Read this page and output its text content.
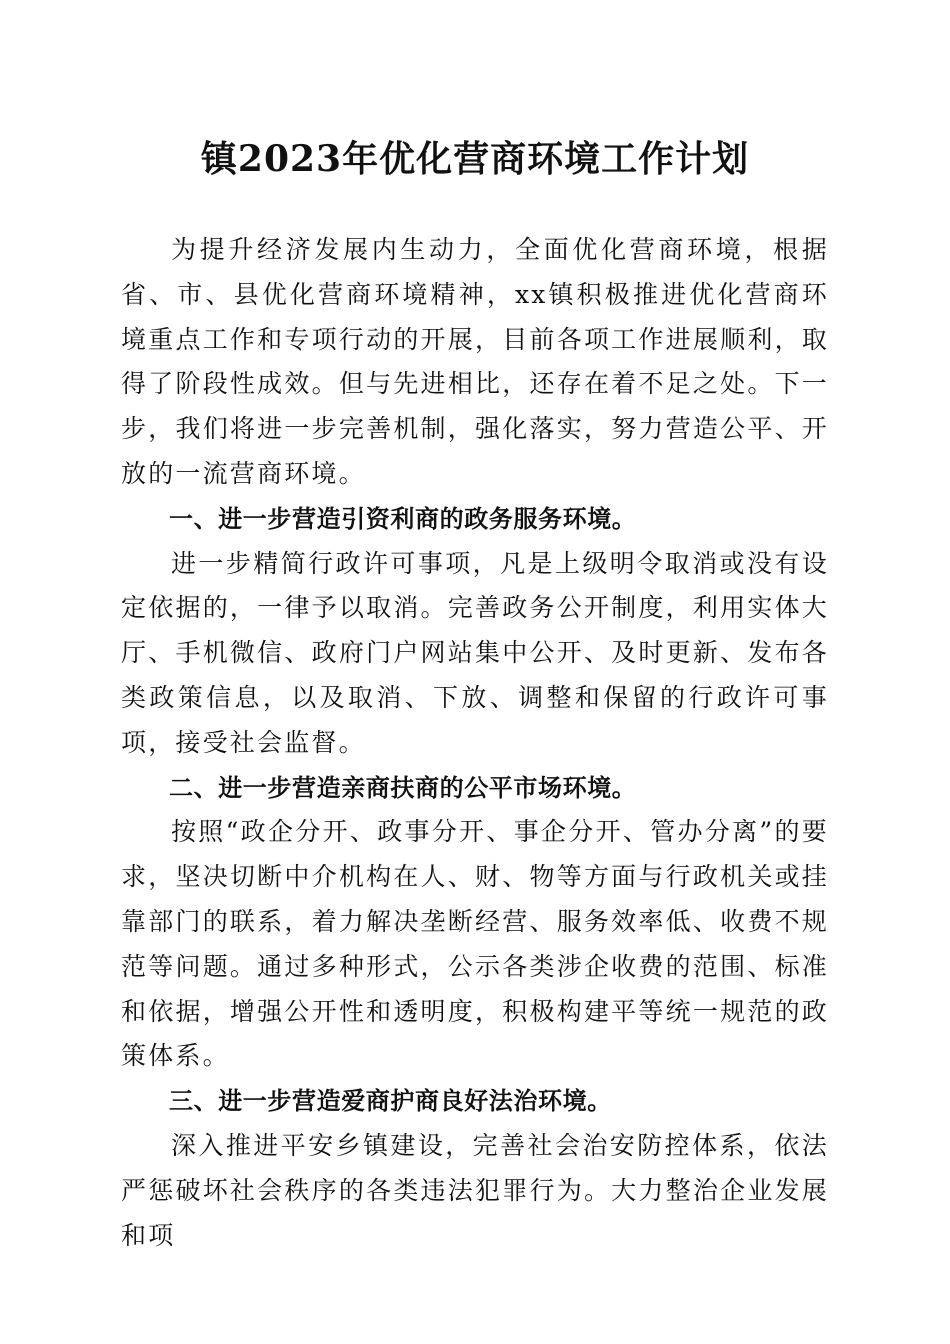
镇2023年优化营商环境工作计划

为提升经济发展内生动力，全面优化营商环境，根据省、市、县优化营商环境精神，xx镇积极推进优化营商环境重点工作和专项行动的开展，目前各项工作进展顺利，取得了阶段性成效。但与先进相比，还存在着不足之处。下一步，我们将进一步完善机制，强化落实，努力营造公平、开放的一流营商环境。

一、进一步营造引资利商的政务服务环境。

进一步精简行政许可事项，凡是上级明令取消或没有设定依据的，一律予以取消。完善政务公开制度，利用实体大厅、手机微信、政府门户网站集中公开、及时更新、发布各类政策信息，以及取消、下放、调整和保留的行政许可事项，接受社会监督。

二、进一步营造亲商扶商的公平市场环境。

按照“政企分开、政事分开、事企分开、管办分离”的要求，坚决切断中介机构在人、财、物等方面与行政机关或挂靠部门的联系，着力解决垄断经营、服务效率低、收费不规范等问题。通过多种形式，公示各类涉企收费的范围、标准和依据，增强公开性和透明度，积极构建平等统一规范的政策体系。

三、进一步营造爱商护商良好法治环境。

深入推进平安乡镇建设，完善社会治安防控体系，依法严惩破坏社会秩序的各类违法犯罪行为。大力整治企业发展和项
